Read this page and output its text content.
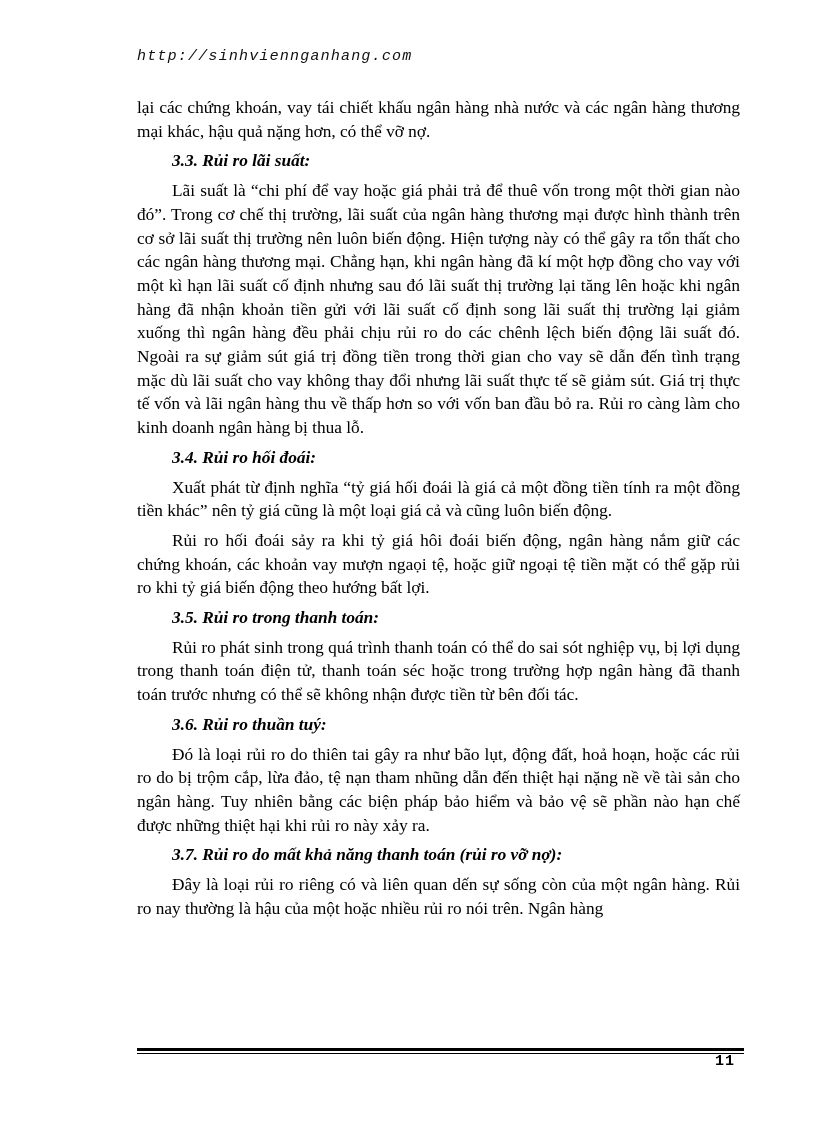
http://sinhviennganhang.com

lại các chứng khoán, vay tái chiết khấu ngân hàng nhà nước và các ngân hàng thương mại khác, hậu quả nặng hơn, có thể vỡ nợ.

3.3. Rủi ro lãi suất:

Lãi suất là “chi phí để vay hoặc giá phải trả để thuê vốn trong một thời gian nào đó”. Trong cơ chế thị trường, lãi suất của ngân hàng thương mại được hình thành trên cơ sở lãi suất thị trường nên luôn biến động. Hiện tượng này có thể gây ra tổn thất cho các ngân hàng thương mại. Chẳng hạn, khi ngân hàng đã kí một hợp đồng cho vay với một kì hạn lãi suất cố định nhưng sau đó lãi suất thị trường lại tăng lên hoặc khi ngân hàng đã nhận khoản tiền gửi với lãi suất cố định song lãi suất thị trường lại giảm xuống thì ngân hàng đều phải chịu rủi ro do các chênh lệch biến động lãi suất đó. Ngoài ra sự giảm sút giá trị đồng tiền trong thời gian cho vay sẽ dẫn đến tình trạng mặc dù lãi suất cho vay không thay đổi nhưng lãi suất thực tế sẽ giảm sút. Giá trị thực tế vốn và lãi ngân hàng thu về thấp hơn so với vốn ban đầu bỏ ra. Rủi ro càng làm cho kinh doanh ngân hàng bị thua lỗ.

3.4. Rủi ro hối đoái:

Xuất phát từ định nghĩa “tỷ giá hối đoái là giá cả một đồng tiền tính ra một đồng tiền khác” nên tỷ giá cũng là một loại giá cả và cũng luôn biến động.

Rủi ro hối đoái sảy ra khi tỷ giá hôi đoái biến động, ngân hàng nắm giữ các chứng khoán, các khoản vay mượn ngaọi tệ, hoặc giữ ngoại tệ tiền mặt có thể gặp rủi ro khi tỷ giá biến động theo hướng bất lợi.

3.5. Rủi ro trong thanh toán:

Rủi ro phát sinh trong quá trình thanh toán có thể do sai sót nghiệp vụ, bị lợi dụng trong thanh toán điện tử, thanh toán séc hoặc trong trường hợp ngân hàng đã thanh toán trước nhưng có thể sẽ không nhận được tiền từ bên đối tác.

3.6. Rủi ro thuần tuý:

Đó là loại rủi ro do thiên tai gây ra như bão lụt, động đất, hoả hoạn, hoặc các rủi ro do bị trộm cắp, lừa đảo, tệ nạn tham nhũng dẫn đến thiệt hại nặng nề về tài sản cho ngân hàng. Tuy nhiên bằng các biện pháp bảo hiểm và bảo vệ sẽ phần nào hạn chế được những thiệt hại khi rủi ro này xảy ra.

3.7. Rủi ro do mất khả năng thanh toán (rủi ro vỡ nợ):

Đây là loại rủi ro riêng có và liên quan dến sự sống còn của một ngân hàng. Rủi ro nay thường là hậu của một hoặc nhiều rủi ro nói trên. Ngân hàng

11
